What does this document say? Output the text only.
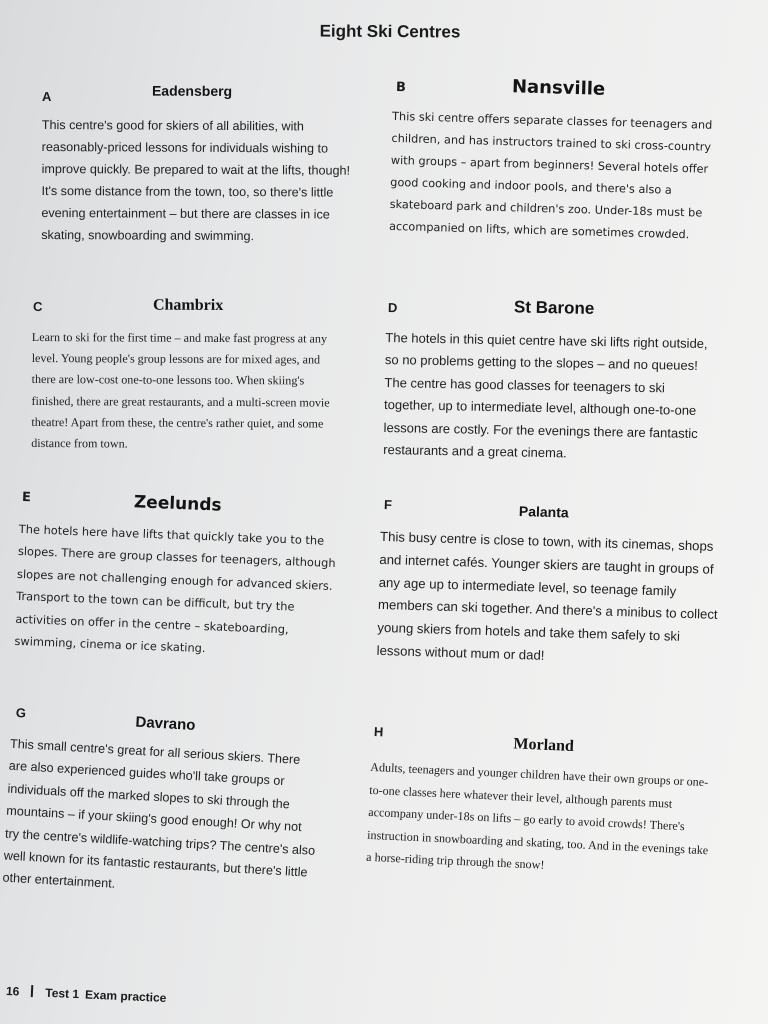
Eight Ski Centres
A	Eadensberg

This centre's good for skiers of all abilities, with reasonably-priced lessons for individuals wishing to improve quickly. Be prepared to wait at the lifts, though! It's some distance from the town, too, so there's little evening entertainment – but there are classes in ice skating, snowboarding and swimming.

B	Nansville

This ski centre offers separate classes for teenagers and children, and has instructors trained to ski cross-country with groups – apart from beginners! Several hotels offer good cooking and indoor pools, and there's also a skateboard park and children's zoo. Under-18s must be accompanied on lifts, which are sometimes crowded.

C	Chambrix

Learn to ski for the first time – and make fast progress at any level. Young people's group lessons are for mixed ages, and there are low-cost one-to-one lessons too. When skiing's finished, there are great restaurants, and a multi-screen movie theatre! Apart from these, the centre's rather quiet, and some distance from town.

D	St Barone

The hotels in this quiet centre have ski lifts right outside, so no problems getting to the slopes – and no queues! The centre has good classes for teenagers to ski together, up to intermediate level, although one-to-one lessons are costly. For the evenings there are fantastic restaurants and a great cinema.

E	Zeelunds

The hotels here have lifts that quickly take you to the slopes. There are group classes for teenagers, although slopes are not challenging enough for advanced skiers. Transport to the town can be difficult, but try the activities on offer in the centre – skateboarding, swimming, cinema or ice skating.

F	Palanta

This busy centre is close to town, with its cinemas, shops and internet cafés. Younger skiers are taught in groups of any age up to intermediate level, so teenage family members can ski together. And there's a minibus to collect young skiers from hotels and take them safely to ski lessons without mum or dad!

G
Davrano

This small centre's great for all serious skiers. There are also experienced guides who'll take groups or individuals off the marked slopes to ski through the mountains – if your skiing's good enough! Or why not try the centre's wildlife-watching trips? The centre's also well known for its fantastic restaurants, but there's little other entertainment.

H
Morland

Adults, teenagers and younger children have their own groups or one-to-one classes here whatever their level, although parents must accompany under-18s on lifts – go early to avoid crowds! There's instruction in snowboarding and skating, too. And in the evenings take a horse-riding trip through the snow!

16 Test 1 Exam practice
